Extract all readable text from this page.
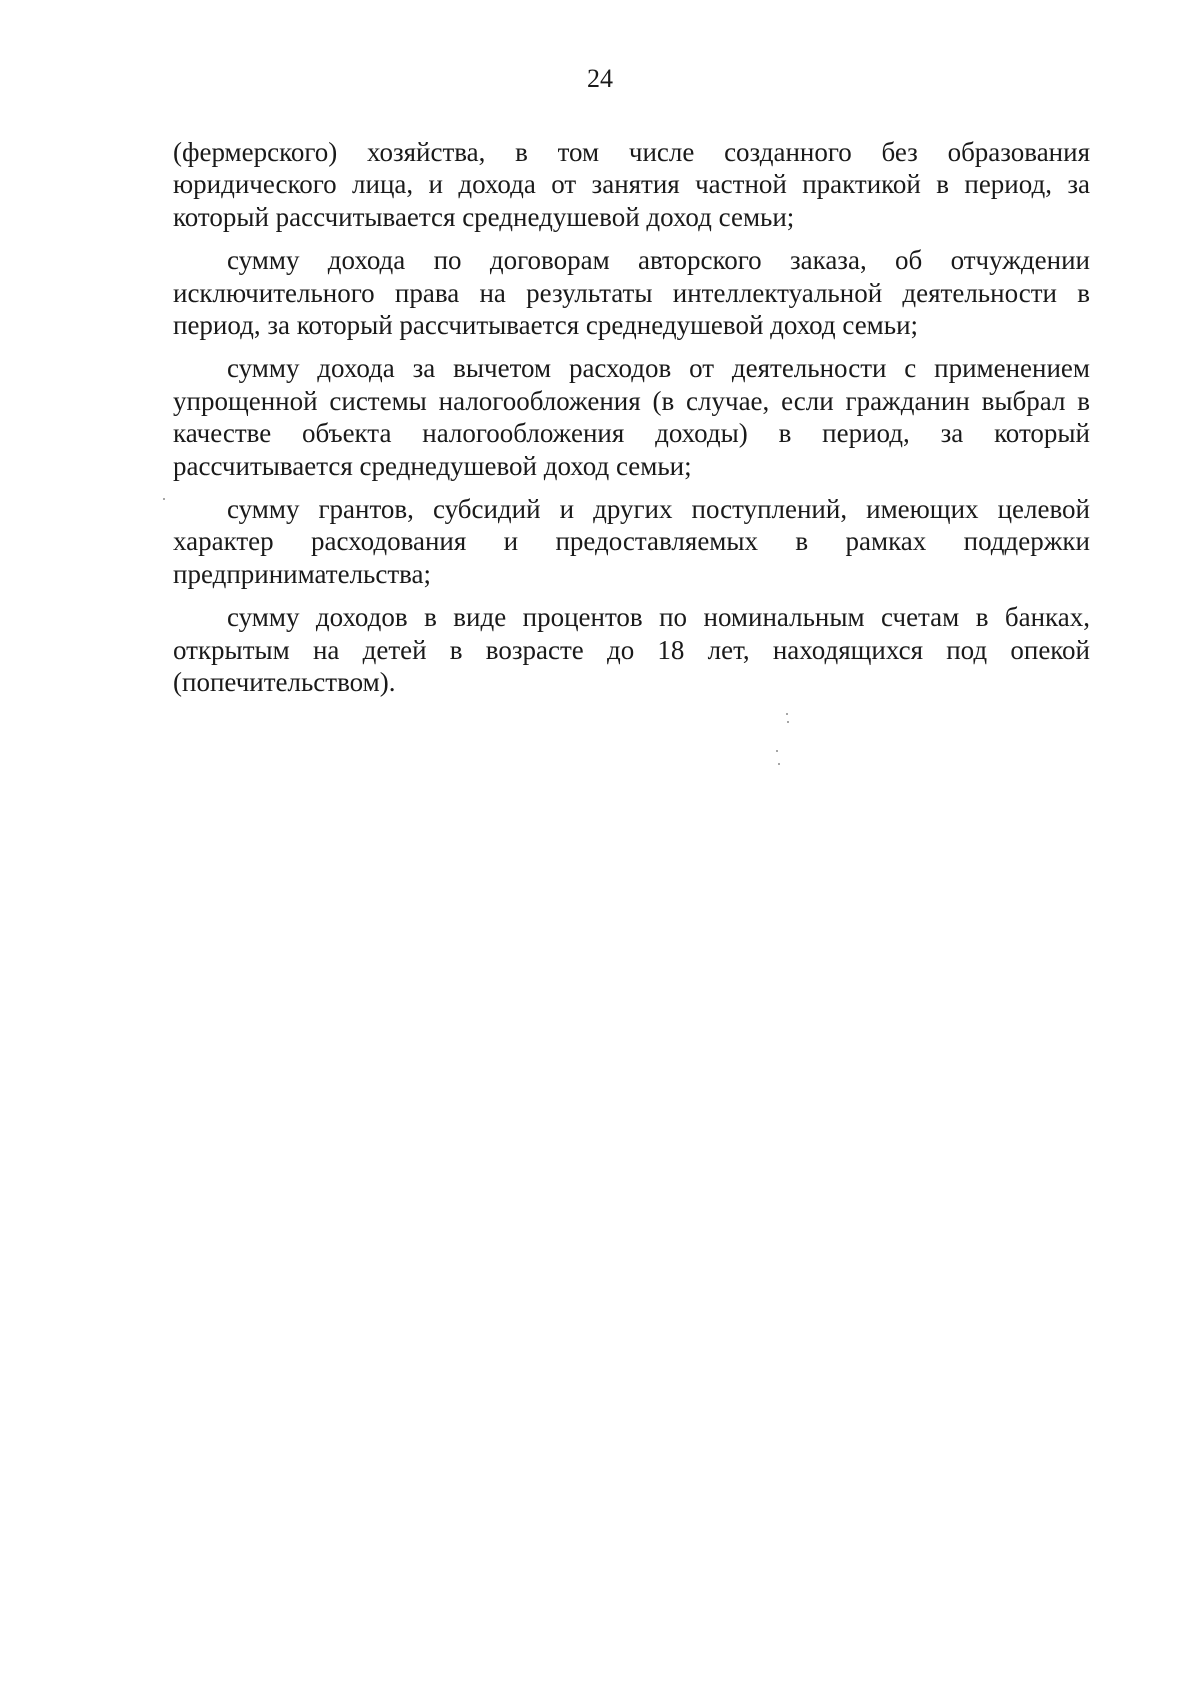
24

(фермерского) хозяйства, в том числе созданного без образования юридического лица, и дохода от занятия частной практикой в период, за который рассчитывается среднедушевой доход семьи;

сумму дохода по договорам авторского заказа, об отчуждении исключительного права на результаты интеллектуальной деятельности в период, за который рассчитывается среднедушевой доход семьи;

сумму дохода за вычетом расходов от деятельности с применением упрощенной системы налогообложения (в случае, если гражданин выбрал в качестве объекта налогообложения доходы) в период, за который рассчитывается среднедушевой доход семьи;

сумму грантов, субсидий и других поступлений, имеющих целевой характер расходования и предоставляемых в рамках поддержки предпринимательства;

сумму доходов в виде процентов по номинальным счетам в банках, открытым на детей в возрасте до 18 лет, находящихся под опекой (попечительством).
